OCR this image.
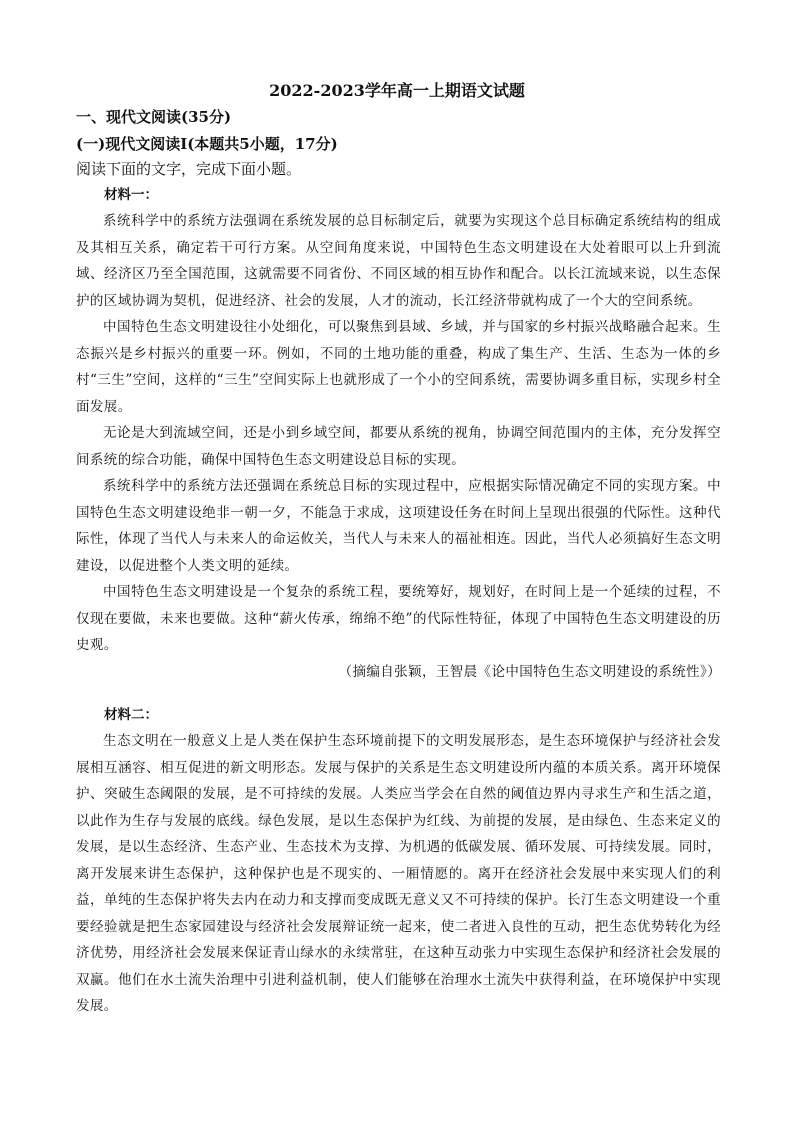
2022-2023学年高一上期语文试题
一、现代文阅读(35分)
(一)现代文阅读I(本题共5小题，17分)
阅读下面的文字，完成下面小题。
材料一：

系统科学中的系统方法强调在系统发展的总目标制定后，就要为实现这个总目标确定系统结构的组成及其相互关系，确定若干可行方案。从空间角度来说，中国特色生态文明建设在大处着眼可以上升到流域、经济区乃至全国范围，这就需要不同省份、不同区域的相互协作和配合。以长江流域来说，以生态保护的区域协调为契机，促进经济、社会的发展，人才的流动，长江经济带就构成了一个大的空间系统。

中国特色生态文明建设往小处细化，可以聚焦到县域、乡域，并与国家的乡村振兴战略融合起来。生态振兴是乡村振兴的重要一环。例如，不同的土地功能的重叠，构成了集生产、生活、生态为一体的乡村“三生”空间，这样的“三生”空间实际上也就形成了一个小的空间系统，需要协调多重目标，实现乡村全面发展。

无论是大到流域空间，还是小到乡域空间，都要从系统的视角，协调空间范围内的主体，充分发挥空间系统的综合功能，确保中国特色生态文明建设总目标的实现。

系统科学中的系统方法还强调在系统总目标的实现过程中，应根据实际情况确定不同的实现方案。中国特色生态文明建设绝非一朝一夕，不能急于求成，这项建设任务在时间上呈现出很强的代际性。这种代际性，体现了当代人与未来人的命运攸关，当代人与未来人的福祉相连。因此，当代人必须搞好生态文明建设，以促进整个人类文明的延续。

中国特色生态文明建设是一个复杂的系统工程，要统筹好，规划好，在时间上是一个延续的过程，不仅现在要做，未来也要做。这种“薪火传承，绵绵不绝”的代际性特征，体现了中国特色生态文明建设的历史观。

（摘编自张颖，王智晨《论中国特色生态文明建设的系统性》）
材料二：

生态文明在一般意义上是人类在保护生态环境前提下的文明发展形态，是生态环境保护与经济社会发展相互涵容、相互促进的新文明形态。发展与保护的关系是生态文明建设所内蕴的本质关系。离开环境保护、突破生态阈限的发展，是不可持续的发展。人类应当学会在自然的阈值边界内寻求生产和生活之道，以此作为生存与发展的底线。绿色发展，是以生态保护为红线、为前提的发展，是由绿色、生态来定义的发展，是以生态经济、生态产业、生态技术为支撑、为机遇的低碳发展、循环发展、可持续发展。同时，离开发展来讲生态保护，这种保护也是不现实的、一厢情愿的。离开在经济社会发展中来实现人们的利益，单纯的生态保护将失去内在动力和支撑而变成既无意义又不可持续的保护。长汀生态文明建设一个重要经验就是把生态家园建设与经济社会发展辩证统一起来，使二者进入良性的互动，把生态优势转化为经济优势，用经济社会发展来保证青山绿水的永续常驻，在这种互动张力中实现生态保护和经济社会发展的双赢。他们在水土流失治理中引进利益机制，使人们能够在治理水土流失中获得利益，在环境保护中实现发展。
